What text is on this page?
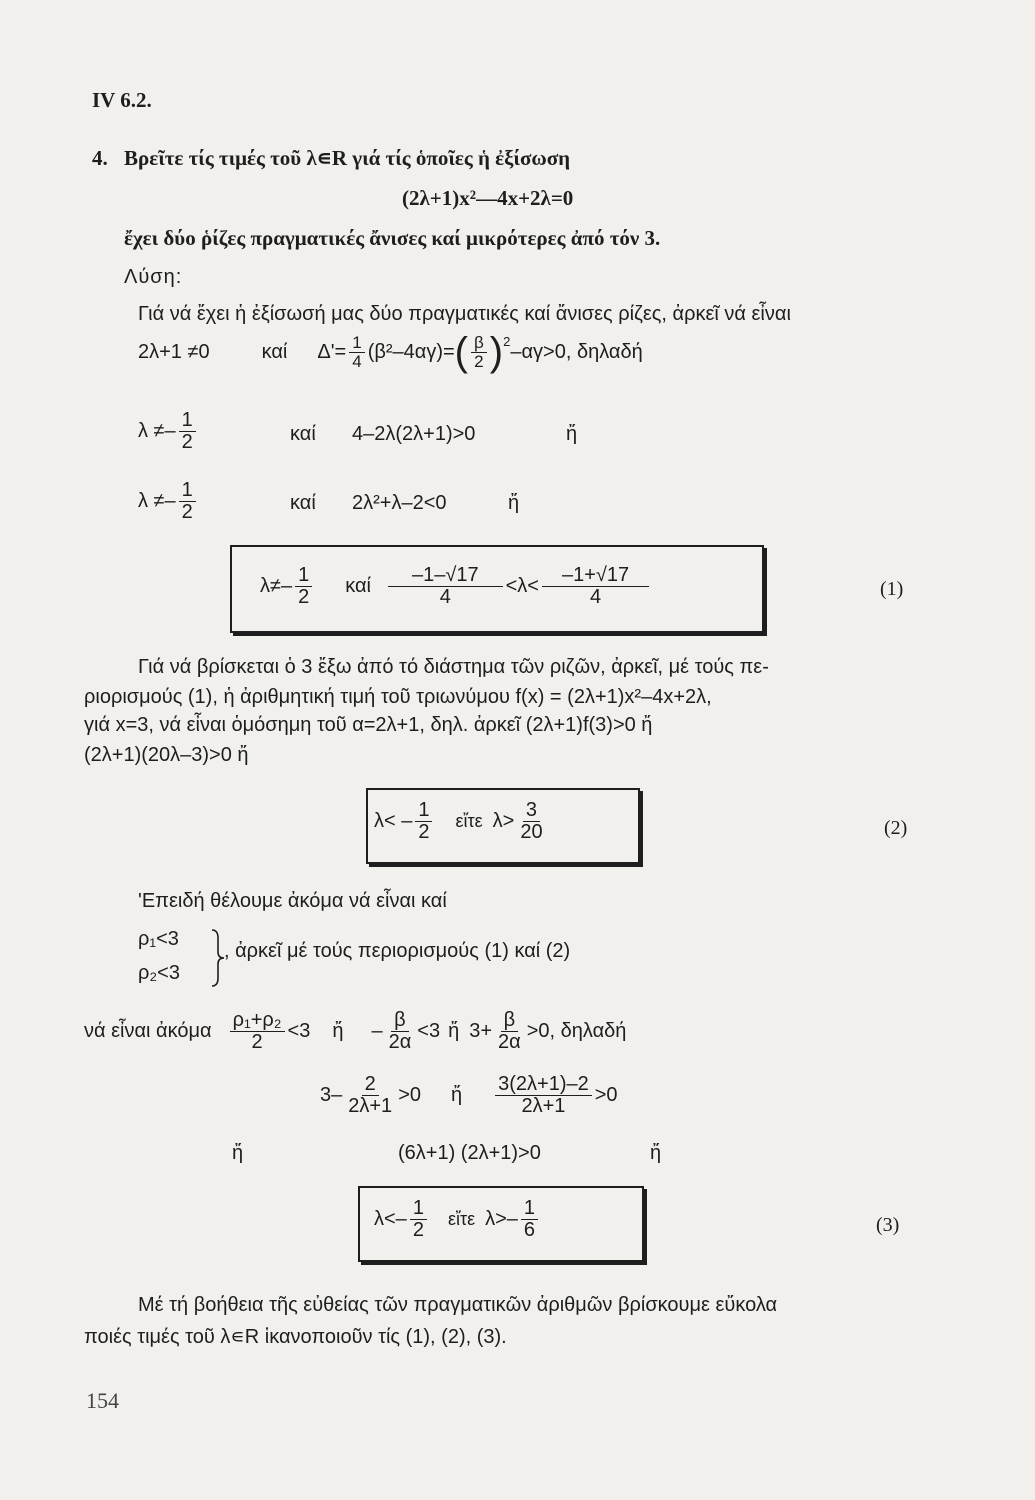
IV 6.2.
4. Βρεῖτε τίς τιμές τοῦ λ∊R γιά τίς ὁποῖες ἡ ἐξίσωση
(2λ+1)x²—4x+2λ=0
ἔχει δύο ῥίζες πραγματικές ἄνισες καί μικρότερες ἀπό τόν 3.
Λύση:
Γιά νά ἔχει ἡ ἐξίσωσή μας δύο πραγματικές καί ἄνισες ρίζες, ἀρκεῖ νά εἶναι
2λ+1 ≠0	καί $\Delta'= \frac{1}{4} (\beta^2-4\alpha\gamma)=$ ( $\frac{\beta}{2}$ ) 2 –αγ>0, δηλαδή
$\lambda \ne- \frac{1}{2}$	καί 4–2λ(2λ+1)>0	ἤ
$\lambda \ne- \frac{1}{2}$	καί 2λ²+λ–2<0	ἤ
$\lambda\ne- \frac{1}{2}$ καί $\frac{-1-√17}{4} <\lambda< \frac{-1+√17}{4}$	(1)
Γιά νά βρίσκεται ὁ 3 ἔξω ἀπό τό διάστημα τῶν ριζῶν, ἀρκεῖ, μέ τούς πε-
ριορισμούς (1), ἡ ἀριθμητική τιμή τοῦ τριωνύμου f(x) = (2λ+1)x²–4x+2λ,
γιά x=3, νά εἶναι ὁμόσημη τοῦ α=2λ+1, δηλ. ἀρκεῖ (2λ+1)f(3)>0 ἤ
(2λ+1)(20λ–3)>0 ἤ
$\lambda< - \frac{1}{2}$ εἴτε $\lambda> \frac{3}{20}$	(2)
'Επειδή θέλουμε ἀκόμα νά εἶναι καί
ρ₁<3
ρ₂<3
, ἀρκεῖ μέ τούς περιορισμούς (1) καί (2)
νά εἶναι ἀκόμα $\frac{\text{ρ₁+ρ₂}}{2} <3$ ἤ – $\frac{\beta}{2\alpha} <3$ ἤ $3+ \frac{\beta}{2\alpha} >0$, δηλαδή
$3- \frac{2}{2\lambda+1} >0$ ἤ $\frac{3(2\lambda+1)-2}{2\lambda+1} >0$
ἤ	(6λ+1) (2λ+1)>0	ἤ
$\lambda<- \frac{1}{2}$ εἴτε $\lambda>- \frac{1}{6}$	(3)
Μέ τή βοήθεια τῆς εὐθείας τῶν πραγματικῶν ἀριθμῶν βρίσκουμε εὔκολα
ποιές τιμές τοῦ λ∊R ἱκανοποιοῦν τίς (1), (2), (3).
154
